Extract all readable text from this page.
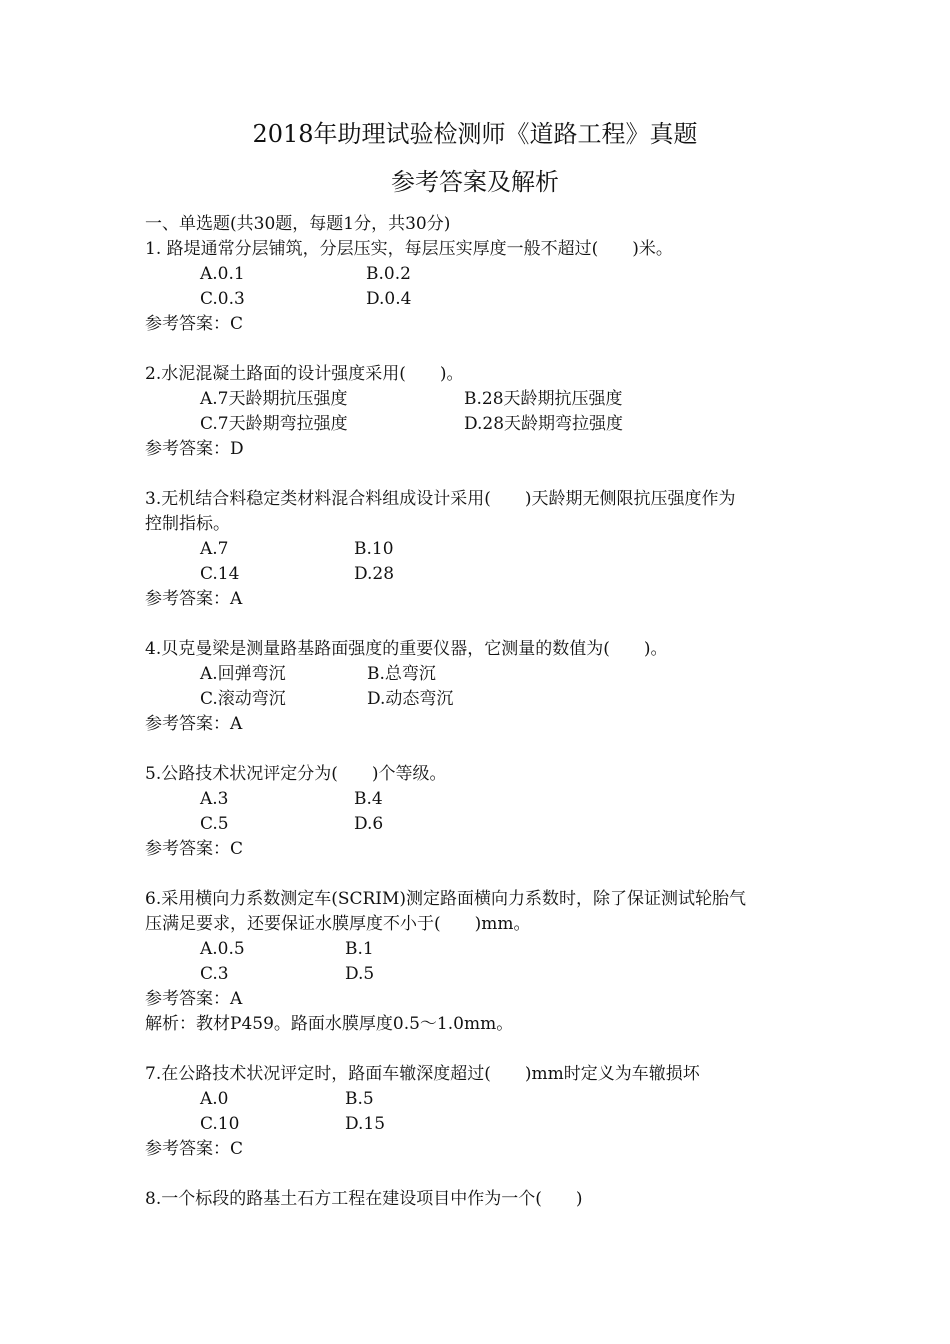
2018年助理试验检测师《道路工程》真题
参考答案及解析
一、单选题(共30题，每题1分，共30分)
1. 路堤通常分层铺筑，分层压实，每层压实厚度一般不超过(　　)米。
A.0.1	B.0.2
C.0.3	D.0.4
参考答案：C
2.水泥混凝土路面的设计强度采用(　　)。
A.7天龄期抗压强度	B.28天龄期抗压强度
C.7天龄期弯拉强度	D.28天龄期弯拉强度
参考答案：D
3.无机结合料稳定类材料混合料组成设计采用(　　)天龄期无侧限抗压强度作为
控制指标。
A.7	B.10
C.14	D.28
参考答案：A
4.贝克曼梁是测量路基路面强度的重要仪器，它测量的数值为(　　)。
A.回弹弯沉	B.总弯沉
C.滚动弯沉	D.动态弯沉
参考答案：A
5.公路技术状况评定分为(　　)个等级。
A.3	B.4
C.5	D.6
参考答案：C
6.采用横向力系数测定车(SCRIM)测定路面横向力系数时，除了保证测试轮胎气
压满足要求，还要保证水膜厚度不小于(　　)mm。
A.0.5	B.1
C.3	D.5
参考答案：A
解析：教材P459。路面水膜厚度0.5～1.0mm。
7.在公路技术状况评定时，路面车辙深度超过(　　)mm时定义为车辙损坏
A.0	B.5
C.10	D.15
参考答案：C
8.一个标段的路基土石方工程在建设项目中作为一个(　　)
